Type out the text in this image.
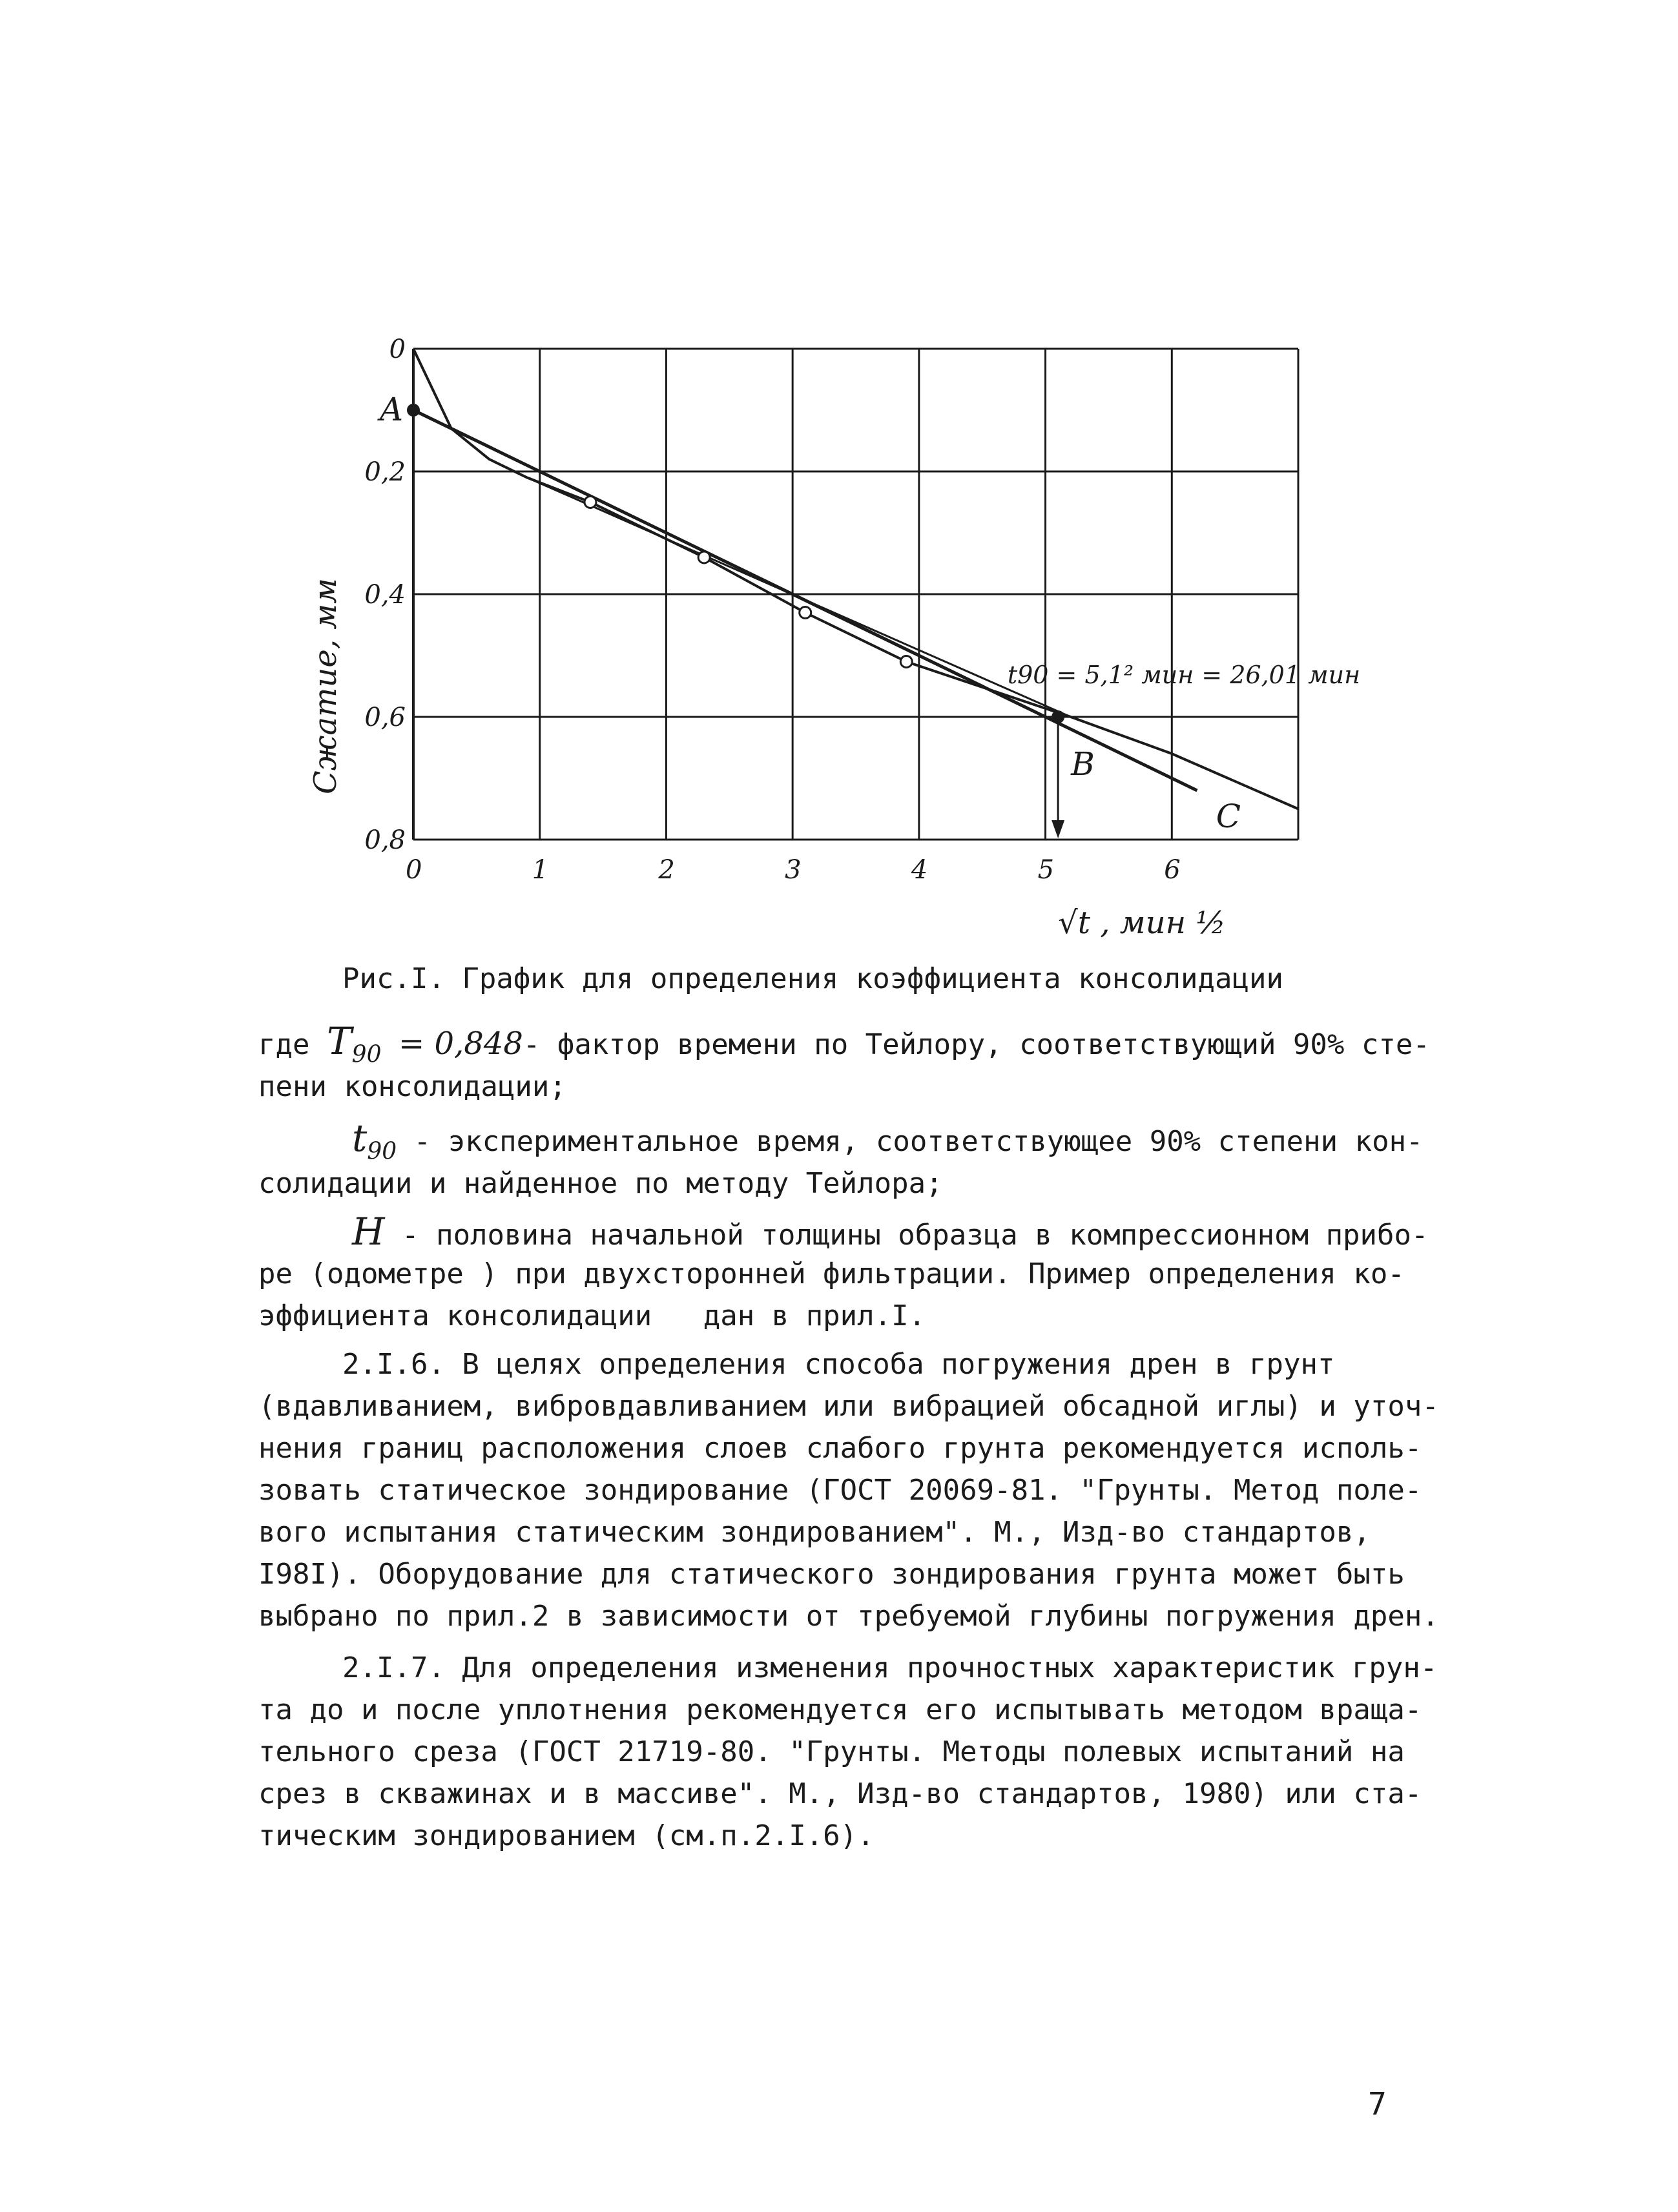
0	1	2	3	4	5	6
0
0,2
0,4
0,6
0,8
A
B
C
t90 = 5,1² мин = 26,01 мин
√t , мин ½
Сжатие, мм
Рис.I. График для определения коэффициента консолидации
где $T_{90} = 0,848-$ фактор времени по Тейлору, соответствующий 90% сте-
пени консолидации;
$t_{90}$ - экспериментальное время, соответствующее 90% степени кон-
солидации и найденное по методу Тейлора;
H - половина начальной толщины образца в компрессионном прибо-
ре (одометре ) при двухсторонней фильтрации. Пример определения ко-
эффициента консолидации   дан в прил.I.
2.I.6. В целях определения способа погружения дрен в грунт
(вдавливанием, вибровдавливанием или вибрацией обсадной иглы) и уточ-
нения границ расположения слоев слабого грунта рекомендуется исполь-
зовать статическое зондирование (ГОСТ 20069-81. "Грунты. Метод поле-
вого испытания статическим зондированием". М., Изд-во стандартов,
I98I). Оборудование для статического зондирования грунта может быть
выбрано по прил.2 в зависимости от требуемой глубины погружения дрен.
2.I.7. Для определения изменения прочностных характеристик грун-
та до и после уплотнения рекомендуется его испытывать методом враща-
тельного среза (ГОСТ 21719-80. "Грунты. Методы полевых испытаний на
срез в скважинах и в массиве". М., Изд-во стандартов, 1980) или ста-
тическим зондированием (см.п.2.I.6).
7
